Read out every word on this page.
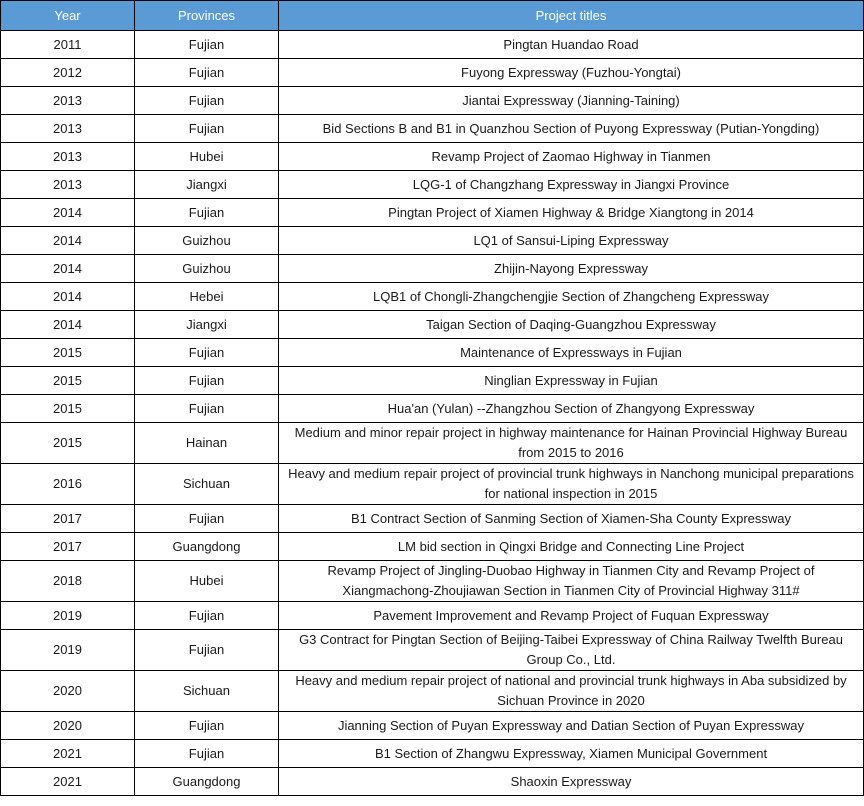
Year	Provinces	Project titles
2011	Fujian	Pingtan Huandao Road
2012	Fujian	Fuyong Expressway (Fuzhou-Yongtai)
2013	Fujian	Jiantai Expressway (Jianning-Taining)
2013	Fujian	Bid Sections B and B1 in Quanzhou Section of Puyong Expressway (Putian-Yongding)
2013	Hubei	Revamp Project of Zaomao Highway in Tianmen
2013	Jiangxi	LQG-1 of Changzhang Expressway in Jiangxi Province
2014	Fujian	Pingtan Project of Xiamen Highway & Bridge Xiangtong in 2014
2014	Guizhou	LQ1 of Sansui-Liping Expressway
2014	Guizhou	Zhijin-Nayong Expressway
2014	Hebei	LQB1 of Chongli-Zhangchengjie Section of Zhangcheng Expressway
2014	Jiangxi	Taigan Section of Daqing-Guangzhou Expressway
2015	Fujian	Maintenance of Expressways in Fujian
2015	Fujian	Ninglian Expressway in Fujian
2015	Fujian	Hua'an (Yulan) --Zhangzhou Section of Zhangyong Expressway
2015	Hainan	Medium and minor repair project in highway maintenance for Hainan Provincial Highway Bureau from 2015 to 2016
2016	Sichuan	Heavy and medium repair project of provincial trunk highways in Nanchong municipal preparations for national inspection in 2015
2017	Fujian	B1 Contract Section of Sanming Section of Xiamen-Sha County Expressway
2017	Guangdong	LM bid section in Qingxi Bridge and Connecting Line Project
2018	Hubei	Revamp Project of Jingling-Duobao Highway in Tianmen City and Revamp Project of Xiangmachong-Zhoujiawan Section in Tianmen City of Provincial Highway 311#
2019	Fujian	Pavement Improvement and Revamp Project of Fuquan Expressway
2019	Fujian	G3 Contract for Pingtan Section of Beijing-Taibei Expressway of China Railway Twelfth Bureau Group Co., Ltd.
2020	Sichuan	Heavy and medium repair project of national and provincial trunk highways in Aba subsidized by Sichuan Province in 2020
2020	Fujian	Jianning Section of Puyan Expressway and Datian Section of Puyan Expressway
2021	Fujian	B1 Section of Zhangwu Expressway, Xiamen Municipal Government
2021	Guangdong	Shaoxin Expressway
